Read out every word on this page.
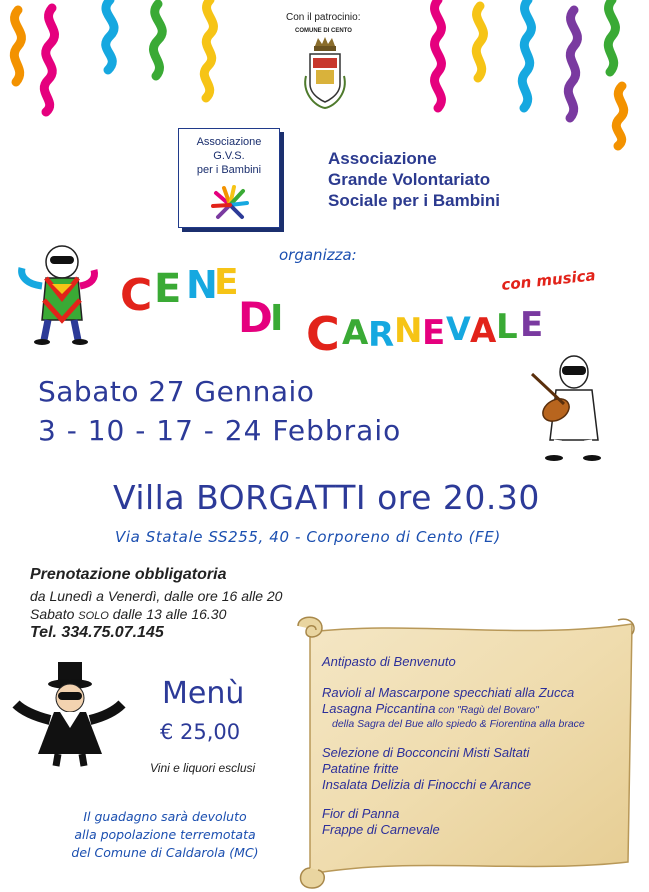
Con il patrocinio:
COMUNE DI CENTO
Associazione
G.V.S.
per i Bambini
Associazione
Grande Volontariato
Sociale per i Bambini
organizza:
C E N
E
D
I C A R N E V A L E
con musica
Sabato 27 Gennaio
3 - 10 - 17 - 24 Febbraio
Villa BORGATTI ore 20.30
Via Statale SS255, 40 - Corporeno di Cento (FE)
Prenotazione obbligatoria
da Lunedì a Venerdì, dalle ore 16 alle 20
Sabato SOLO dalle 13 alle 16.30
Tel. 334.75.07.145
Menù
€ 25,00
Vini e liquori esclusi
Il guadagno sarà devoluto
alla popolazione terremotata
del Comune di Caldarola (MC)
Antipasto di Benvenuto
Ravioli al Mascarpone specchiati alla Zucca
Lasagna Piccantina con "Ragù del Bovaro"
della Sagra del Bue allo spiedo & Fiorentina alla brace
Selezione di Bocconcini Misti Saltati
Patatine fritte
Insalata Delizia di Finocchi e Arance
Fior di Panna
Frappe di Carnevale
